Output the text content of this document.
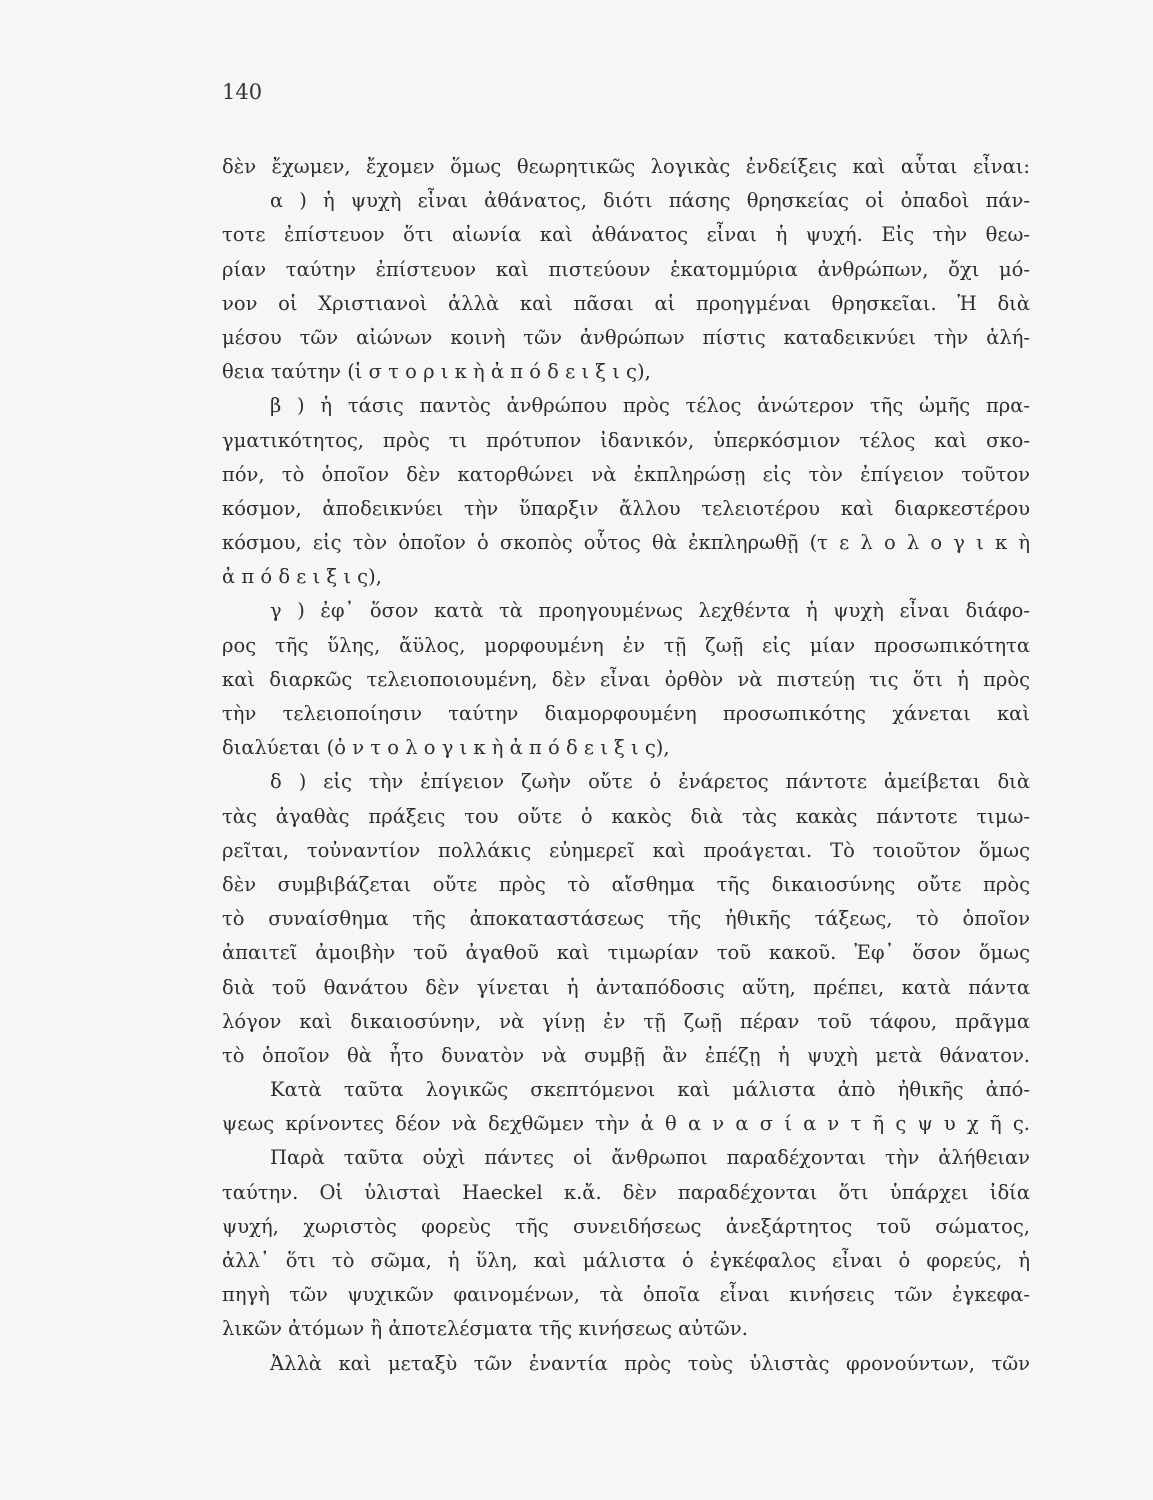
140
δὲν ἔχωμεν, ἔχομεν ὅμως θεωρητικῶς λογικὰς ἐνδείξεις καὶ αὗται εἶναι:
α ) ἡ ψυχὴ εἶναι ἀθάνατος, διότι πάσης θρησκείας οἱ ὀπαδοὶ πάν-
τοτε ἐπίστευον ὅτι αἰωνία καὶ ἀθάνατος εἶναι ἡ ψυχή. Εἰς τὴν θεω-
ρίαν ταύτην ἐπίστευον καὶ πιστεύουν ἑκατομμύρια ἀνθρώπων, ὄχι μό-
νον οἱ Χριστιανοὶ ἀλλὰ καὶ πᾶσαι αἱ προηγμέναι θρησκεῖαι. Ἡ διὰ
μέσου τῶν αἰώνων κοινὴ τῶν ἀνθρώπων πίστις καταδεικνύει τὴν ἀλή-
θεια ταύτην (ἱ σ τ ο ρ ι κ ὴ ἀ π ό δ ε ι ξ ι ς),
β ) ἡ τάσις παντὸς ἀνθρώπου πρὸς τέλος ἀνώτερον τῆς ὠμῆς πρα-
γματικότητος, πρὸς τι πρότυπον ἰδανικόν, ὑπερκόσμιον τέλος καὶ σκο-
πόν, τὸ ὁποῖον δὲν κατορθώνει νὰ ἐκπληρώσῃ εἰς τὸν ἐπίγειον τοῦτον
κόσμον, ἀποδεικνύει τὴν ὕπαρξιν ἄλλου τελειοτέρου καὶ διαρκεστέρου
κόσμου, εἰς τὸν ὁποῖον ὁ σκοπὸς οὗτος θὰ ἐκπληρωθῇ (τ ε λ ο λ ο γ ι κ ὴ
ἀ π ό δ ε ι ξ ι ς),
γ ) ἐφ᾽ ὅσον κατὰ τὰ προηγουμένως λεχθέντα ἡ ψυχὴ εἶναι διάφο-
ρος τῆς ὕλης, ἄϋλος, μορφουμένη ἐν τῇ ζωῇ εἰς μίαν προσωπικότητα
καὶ διαρκῶς τελειοποιουμένη, δὲν εἶναι ὀρθὸν νὰ πιστεύῃ τις ὅτι ἡ πρὸς
τὴν τελειοποίησιν ταύτην διαμορφουμένη προσωπικότης χάνεται καὶ
διαλύεται (ὀ ν τ ο λ ο γ ι κ ὴ ἀ π ό δ ε ι ξ ι ς),
δ ) εἰς τὴν ἐπίγειον ζωὴν οὔτε ὁ ἐνάρετος πάντοτε ἀμείβεται διὰ
τὰς ἀγαθὰς πράξεις του οὔτε ὁ κακὸς διὰ τὰς κακὰς πάντοτε τιμω-
ρεῖται, τοὐναντίον πολλάκις εὐημερεῖ καὶ προάγεται. Τὸ τοιοῦτον ὅμως
δὲν συμβιβάζεται οὔτε πρὸς τὸ αἴσθημα τῆς δικαιοσύνης οὔτε πρὸς
τὸ συναίσθημα τῆς ἀποκαταστάσεως τῆς ἠθικῆς τάξεως, τὸ ὁποῖον
ἀπαιτεῖ ἀμοιβὴν τοῦ ἀγαθοῦ καὶ τιμωρίαν τοῦ κακοῦ. Ἐφ᾽ ὅσον ὅμως
διὰ τοῦ θανάτου δὲν γίνεται ἡ ἀνταπόδοσις αὕτη, πρέπει, κατὰ πάντα
λόγον καὶ δικαιοσύνην, νὰ γίνῃ ἐν τῇ ζωῇ πέραν τοῦ τάφου, πρᾶγμα
τὸ ὁποῖον θὰ ἦτο δυνατὸν νὰ συμβῇ ἂν ἐπέζῃ ἡ ψυχὴ μετὰ θάνατον.
Κατὰ ταῦτα λογικῶς σκεπτόμενοι καὶ μάλιστα ἀπὸ ἠθικῆς ἀπό-
ψεως κρίνοντες δέον νὰ δεχθῶμεν τὴν ἀ θ α ν α σ ί α ν τ ῆ ς ψ υ χ ῆ ς.
Παρὰ ταῦτα οὐχὶ πάντες οἱ ἄνθρωποι παραδέχονται τὴν ἀλήθειαν
ταύτην. Οἱ ὑλισταὶ Haeckel κ.ἄ. δὲν παραδέχονται ὅτι ὑπάρχει ἰδία
ψυχή, χωριστὸς φορεὺς τῆς συνειδήσεως ἀνεξάρτητος τοῦ σώματος,
ἀλλ᾽ ὅτι τὸ σῶμα, ἡ ὕλη, καὶ μάλιστα ὁ ἐγκέφαλος εἶναι ὁ φορεύς, ἡ
πηγὴ τῶν ψυχικῶν φαινομένων, τὰ ὁποῖα εἶναι κινήσεις τῶν ἐγκεφα-
λικῶν ἀτόμων ἢ ἀποτελέσματα τῆς κινήσεως αὐτῶν.
Ἀλλὰ καὶ μεταξὺ τῶν ἐναντία πρὸς τοὺς ὑλιστὰς φρονούντων, τῶν
